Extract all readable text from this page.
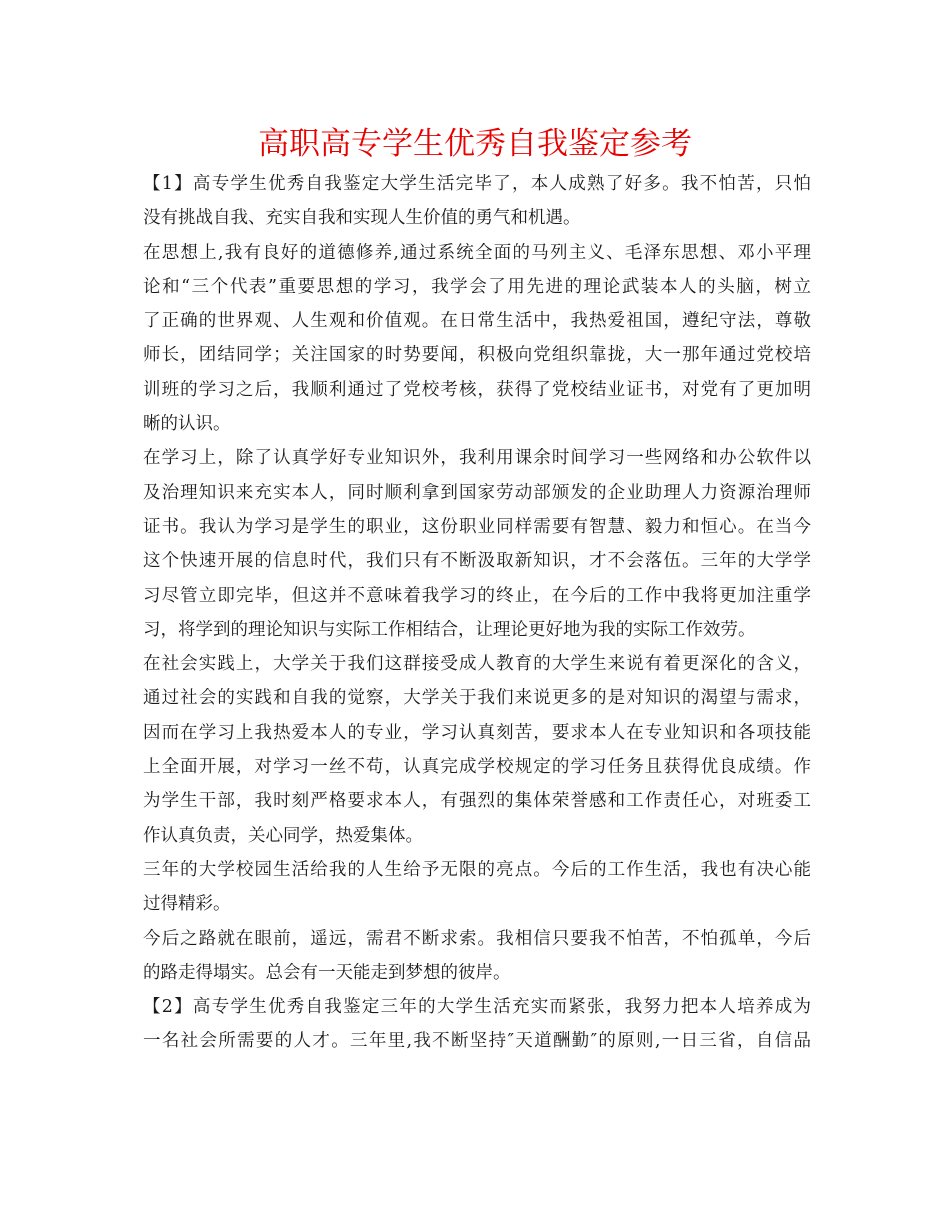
高职高专学生优秀自我鉴定参考
【1】高专学生优秀自我鉴定大学生活完毕了，本人成熟了好多。我不怕苦，只怕
没有挑战自我、充实自我和实现人生价值的勇气和机遇。
在思想上,我有良好的道德修养,通过系统全面的马列主义、毛泽东思想、邓小平理
论和“三个代表”重要思想的学习，我学会了用先进的理论武装本人的头脑，树立
了正确的世界观、人生观和价值观。在日常生活中，我热爱祖国，遵纪守法，尊敬
师长，团结同学；关注国家的时势要闻，积极向党组织靠拢，大一那年通过党校培
训班的学习之后，我顺利通过了党校考核，获得了党校结业证书，对党有了更加明
晰的认识。
在学习上，除了认真学好专业知识外，我利用课余时间学习一些网络和办公软件以
及治理知识来充实本人，同时顺利拿到国家劳动部颁发的企业助理人力资源治理师
证书。我认为学习是学生的职业，这份职业同样需要有智慧、毅力和恒心。在当今
这个快速开展的信息时代，我们只有不断汲取新知识，才不会落伍。三年的大学学
习尽管立即完毕，但这并不意味着我学习的终止，在今后的工作中我将更加注重学
习，将学到的理论知识与实际工作相结合，让理论更好地为我的实际工作效劳。
在社会实践上，大学关于我们这群接受成人教育的大学生来说有着更深化的含义，
通过社会的实践和自我的觉察，大学关于我们来说更多的是对知识的渴望与需求，
因而在学习上我热爱本人的专业，学习认真刻苦，要求本人在专业知识和各项技能
上全面开展，对学习一丝不苟，认真完成学校规定的学习任务且获得优良成绩。作
为学生干部，我时刻严格要求本人，有强烈的集体荣誉感和工作责任心，对班委工
作认真负责，关心同学，热爱集体。
三年的大学校园生活给我的人生给予无限的亮点。今后的工作生活，我也有决心能
过得精彩。
今后之路就在眼前，遥远，需君不断求索。我相信只要我不怕苦，不怕孤单，今后
的路走得塌实。总会有一天能走到梦想的彼岸。
【2】高专学生优秀自我鉴定三年的大学生活充实而紧张，我努力把本人培养成为
一名社会所需要的人才。三年里,我不断坚持″天道酬勤″的原则,一日三省，自信品
